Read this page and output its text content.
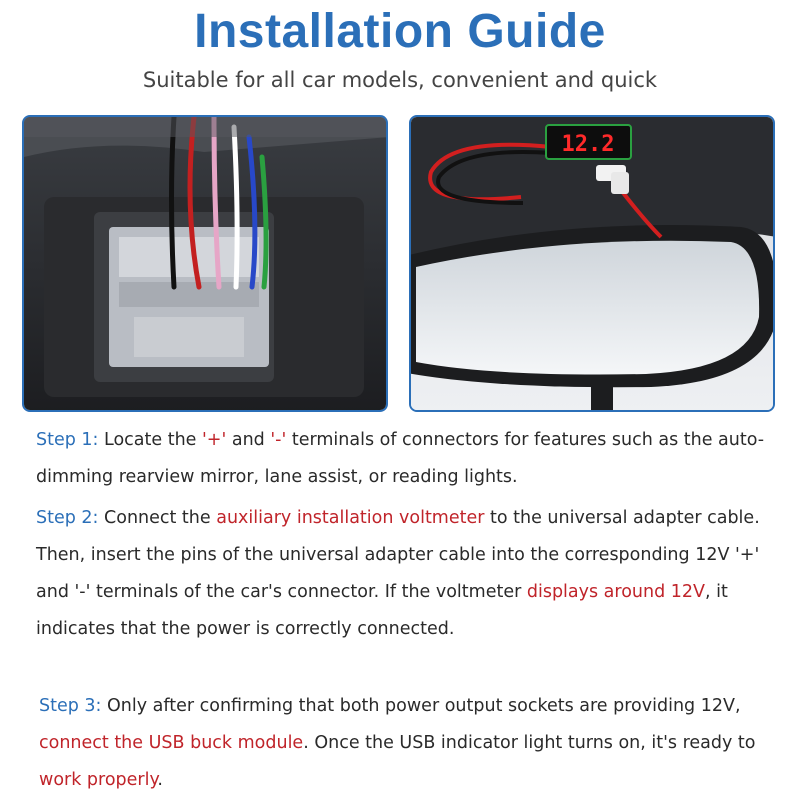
Installation Guide
Suitable for all car models, convenient and quick
12.2

Step 1: Locate the '+' and '-' terminals of connectors for features such as the auto-dimming rearview mirror, lane assist, or reading lights.

Step 2: Connect the auxiliary installation voltmeter to the universal adapter cable. Then, insert the pins of the universal adapter cable into the corresponding 12V '+' and '-' terminals of the car's connector. If the voltmeter displays around 12V, it indicates that the power is correctly connected.

Step 3: Only after confirming that both power output sockets are providing 12V, connect the USB buck module. Once the USB indicator light turns on, it's ready to work properly.
